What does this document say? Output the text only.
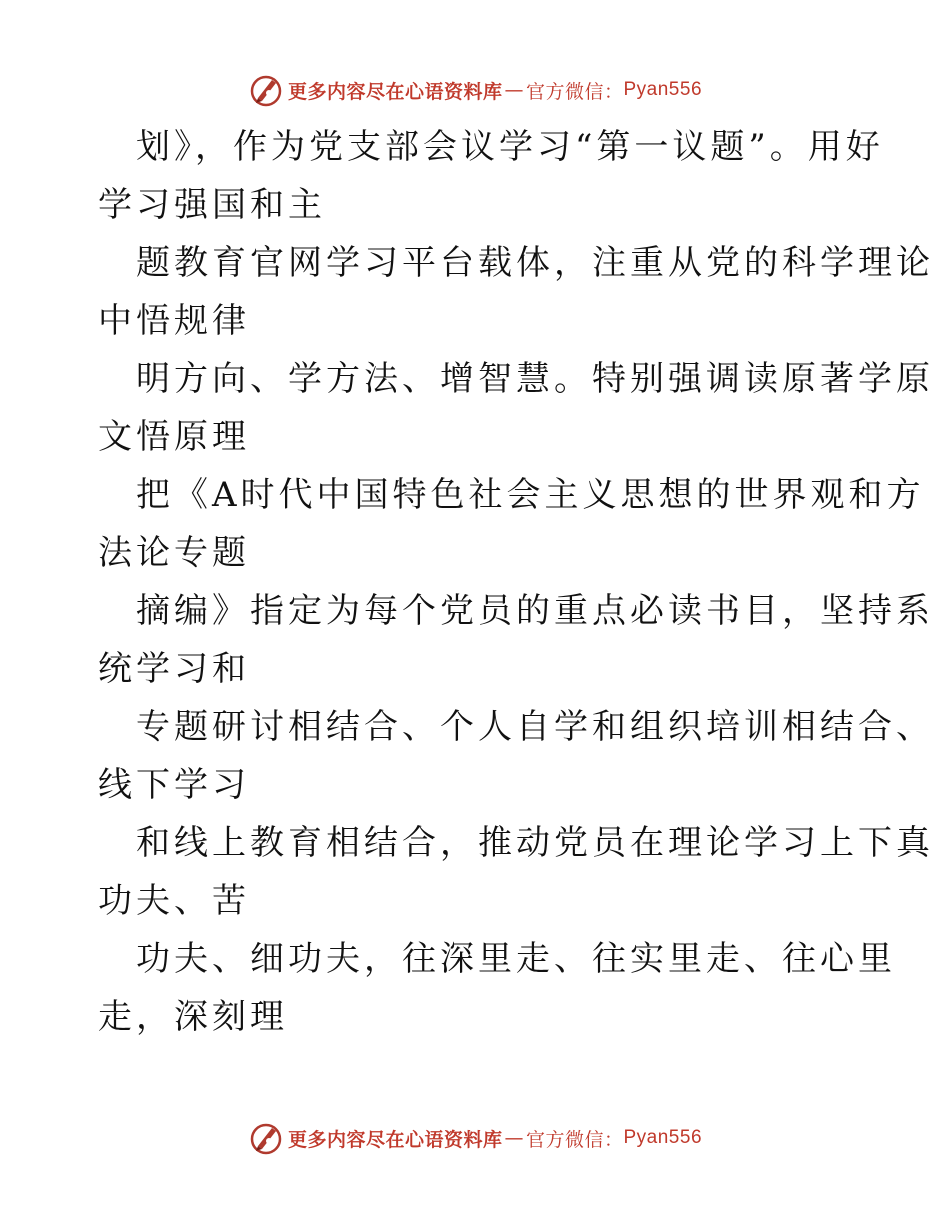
更多内容尽在心语资料库 — 官方微信： Pyan556
划》，作为党支部会议学习“第一议题”。用好
学习强国和主
题教育官网学习平台载体，注重从党的科学理论
中悟规律
明方向、学方法、增智慧。特别强调读原著学原
文悟原理
把《A时代中国特色社会主义思想的世界观和方
法论专题
摘编》指定为每个党员的重点必读书目，坚持系
统学习和
专题研讨相结合、个人自学和组织培训相结合、
线下学习
和线上教育相结合，推动党员在理论学习上下真
功夫、苦
功夫、细功夫，往深里走、往实里走、往心里
走，深刻理
更多内容尽在心语资料库 — 官方微信： Pyan556
